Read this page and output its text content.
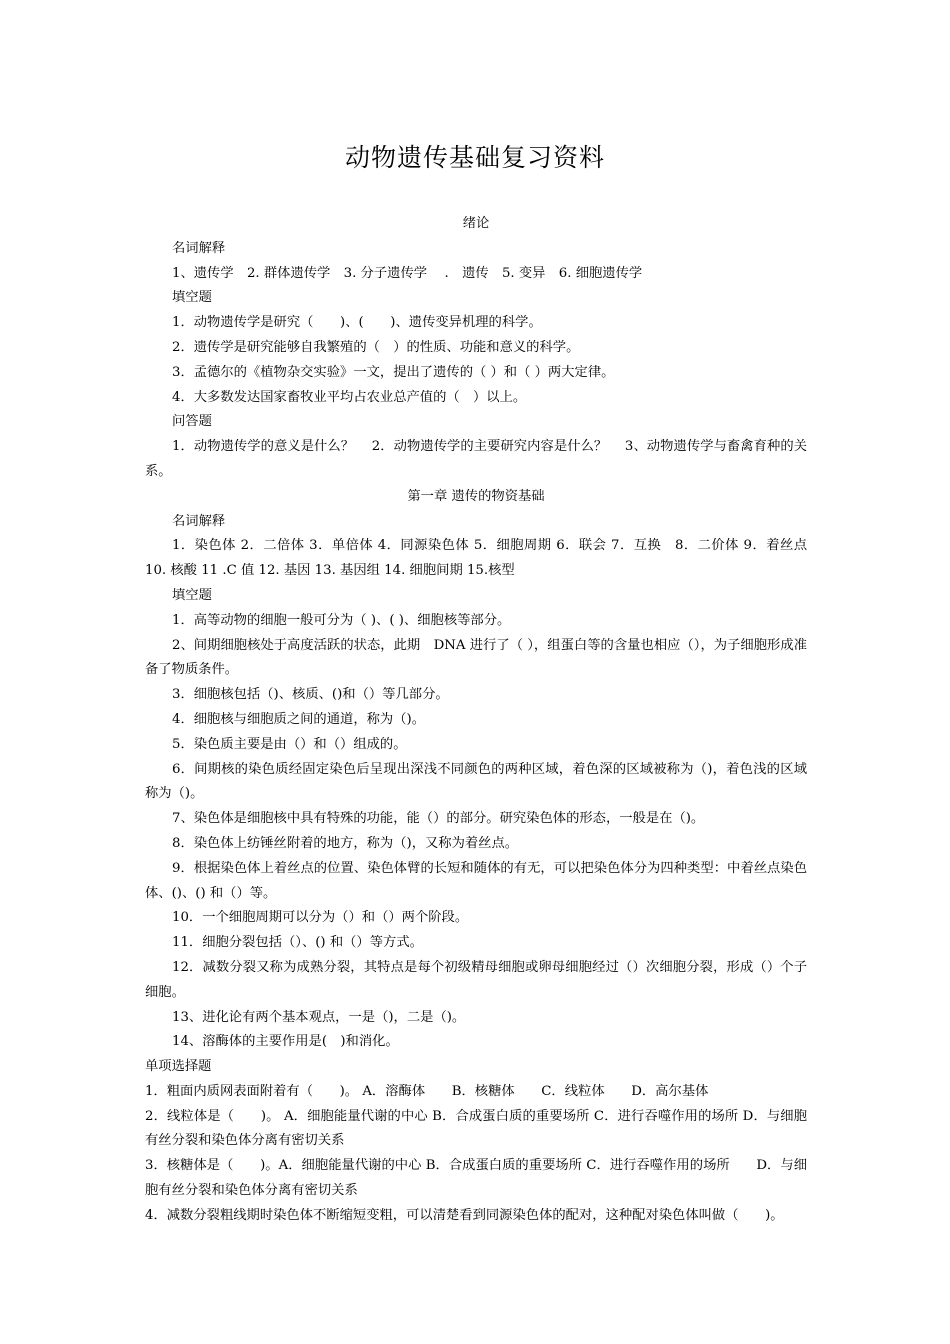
动物遗传基础复习资料

绪论

名词解释

1、遗传学　2. 群体遗传学　3. 分子遗传学　 .　遗传　5. 变异　6. 细胞遗传学

填空题

1．动物遗传学是研究（　　)、(　　)、遗传变异机理的科学。

2．遗传学是研究能够自我繁殖的（　）的性质、功能和意义的科学。

3．孟德尔的《植物杂交实验》一文，提出了遗传的（ ）和（ ）两大定律。

4．大多数发达国家畜牧业平均占农业总产值的（　）以上。

问答题

1．动物遗传学的意义是什么？　 2．动物遗传学的主要研究内容是什么？　 3、动物遗传学与畜禽育种的关系。

第一章 遗传的物资基础

名词解释

1．染色体 2．二倍体 3．单倍体 4．同源染色体 5．细胞周期 6．联会 7．互换　8．二价体 9．着丝点 10. 核酸 11 .C 值 12. 基因 13. 基因组 14. 细胞间期 15.核型

填空题

1．高等动物的细胞一般可分为（ )、( )、细胞核等部分。

2、间期细胞核处于高度活跃的状态，此期　DNA 进行了（ ），组蛋白等的含量也相应（），为子细胞形成准备了物质条件。

3．细胞核包括（)、核质、()和（）等几部分。

4．细胞核与细胞质之间的通道，称为（)。

5．染色质主要是由（）和（）组成的。

6．间期核的染色质经固定染色后呈现出深浅不同颜色的两种区域，着色深的区域被称为（)，着色浅的区域称为（)。

7、染色体是细胞核中具有特殊的功能，能（）的部分。研究染色体的形态，一般是在（)。

8．染色体上纺锤丝附着的地方，称为（)，又称为着丝点。

9．根据染色体上着丝点的位置、染色体臂的长短和随体的有无，可以把染色体分为四种类型：中着丝点染色体、()、() 和（）等。

10．一个细胞周期可以分为（）和（）两个阶段。

11．细胞分裂包括（）、() 和（）等方式。

12．减数分裂又称为成熟分裂，其特点是每个初级精母细胞或卵母细胞经过（）次细胞分裂，形成（）个子细胞。

13、进化论有两个基本观点，一是（)，二是（)。

14、溶酶体的主要作用是(　)和消化。

单项选择题

1．粗面内质网表面附着有（　　)。 A．溶酶体　　B．核糖体　　C．线粒体　　D．高尔基体

2．线粒体是（　　)。 A．细胞能量代谢的中心 B．合成蛋白质的重要场所 C．进行吞噬作用的场所 D．与细胞有丝分裂和染色体分离有密切关系

3．核糖体是（　　)。A．细胞能量代谢的中心 B．合成蛋白质的重要场所 C．进行吞噬作用的场所　　D．与细胞有丝分裂和染色体分离有密切关系

4．减数分裂粗线期时染色体不断缩短变粗，可以清楚看到同源染色体的配对，这种配对染色体叫做（　　)。
